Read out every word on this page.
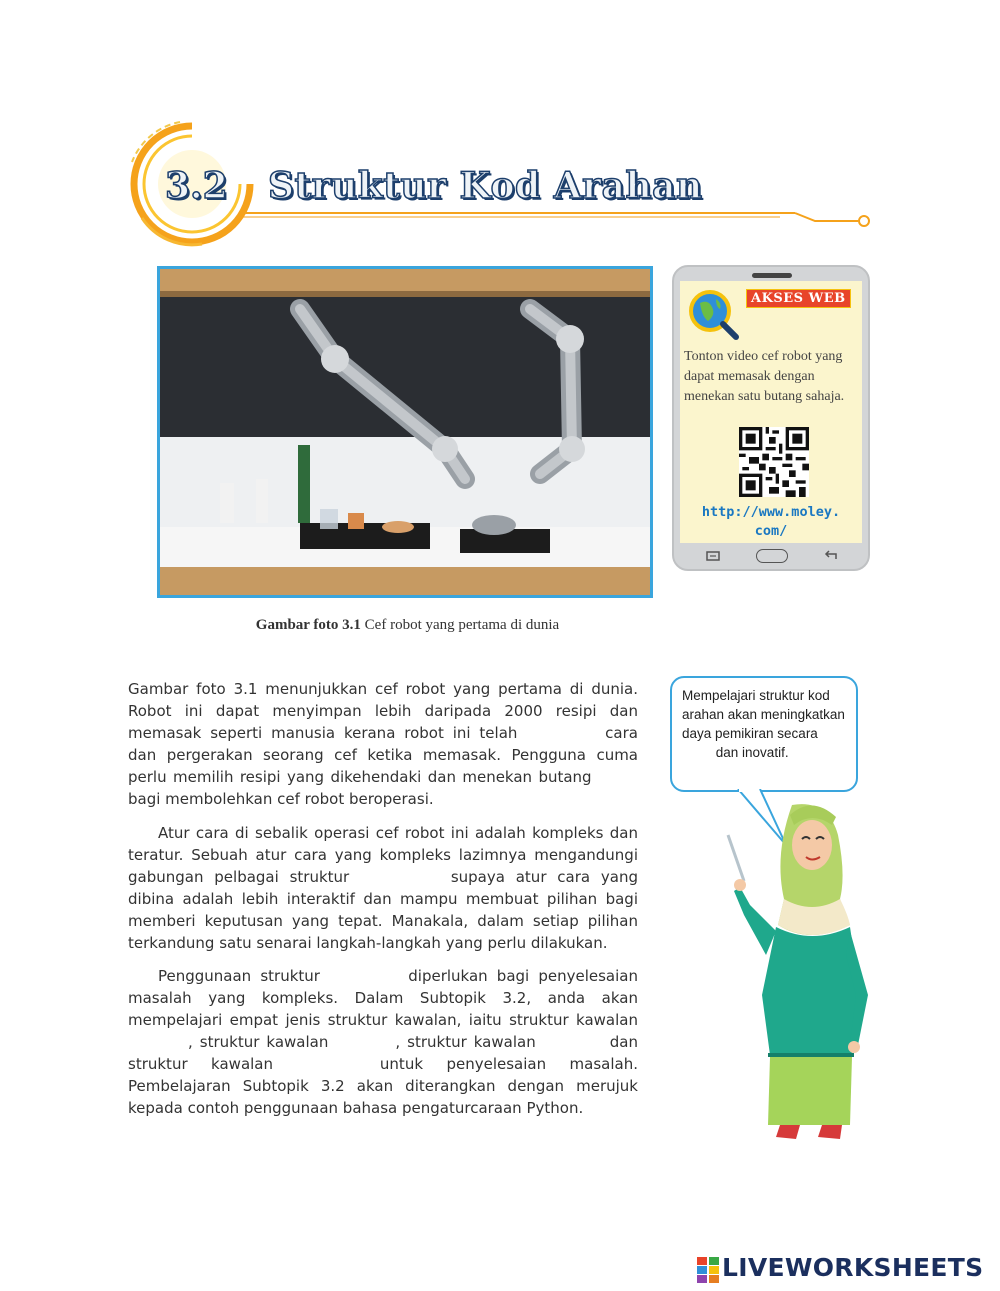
3.2 Struktur Kod Arahan
Gambar foto 3.1 Cef robot yang pertama di dunia
AKSES WEB
Tonton video cef robot yang dapat memasak dengan menekan satu butang sahaja.
http://www.moley.
com/
Gambar foto 3.1 menunjukkan cef robot yang pertama di dunia. Robot ini dapat menyimpan lebih daripada 2000 resipi dan memasak seperti manusia kerana robot ini telah	cara dan pergerakan seorang cef ketika memasak. Pengguna cuma perlu memilih resipi yang dikehendaki dan menekan butang  bagi membolehkan cef robot beroperasi.
Atur cara di sebalik operasi cef robot ini adalah kompleks dan teratur. Sebuah atur cara yang kompleks lazimnya mengandungi gabungan pelbagai struktur	supaya atur cara yang dibina adalah lebih interaktif dan mampu membuat pilihan bagi memberi keputusan yang tepat. Manakala, dalam setiap pilihan terkandung satu senarai langkah-langkah yang perlu dilakukan.
Penggunaan struktur	diperlukan bagi penyelesaian masalah yang kompleks. Dalam Subtopik 3.2, anda akan mempelajari empat jenis struktur kawalan, iaitu struktur kawalan , struktur kawalan	, struktur kawalan	dan struktur kawalan	untuk penyelesaian masalah. Pembelajaran Subtopik 3.2 akan diterangkan dengan merujuk kepada contoh penggunaan bahasa pengaturcaraan Python.
Mempelajari struktur kod arahan akan meningkatkan daya pemikiran secara  dan inovatif.
LIVEWORKSHEETS
